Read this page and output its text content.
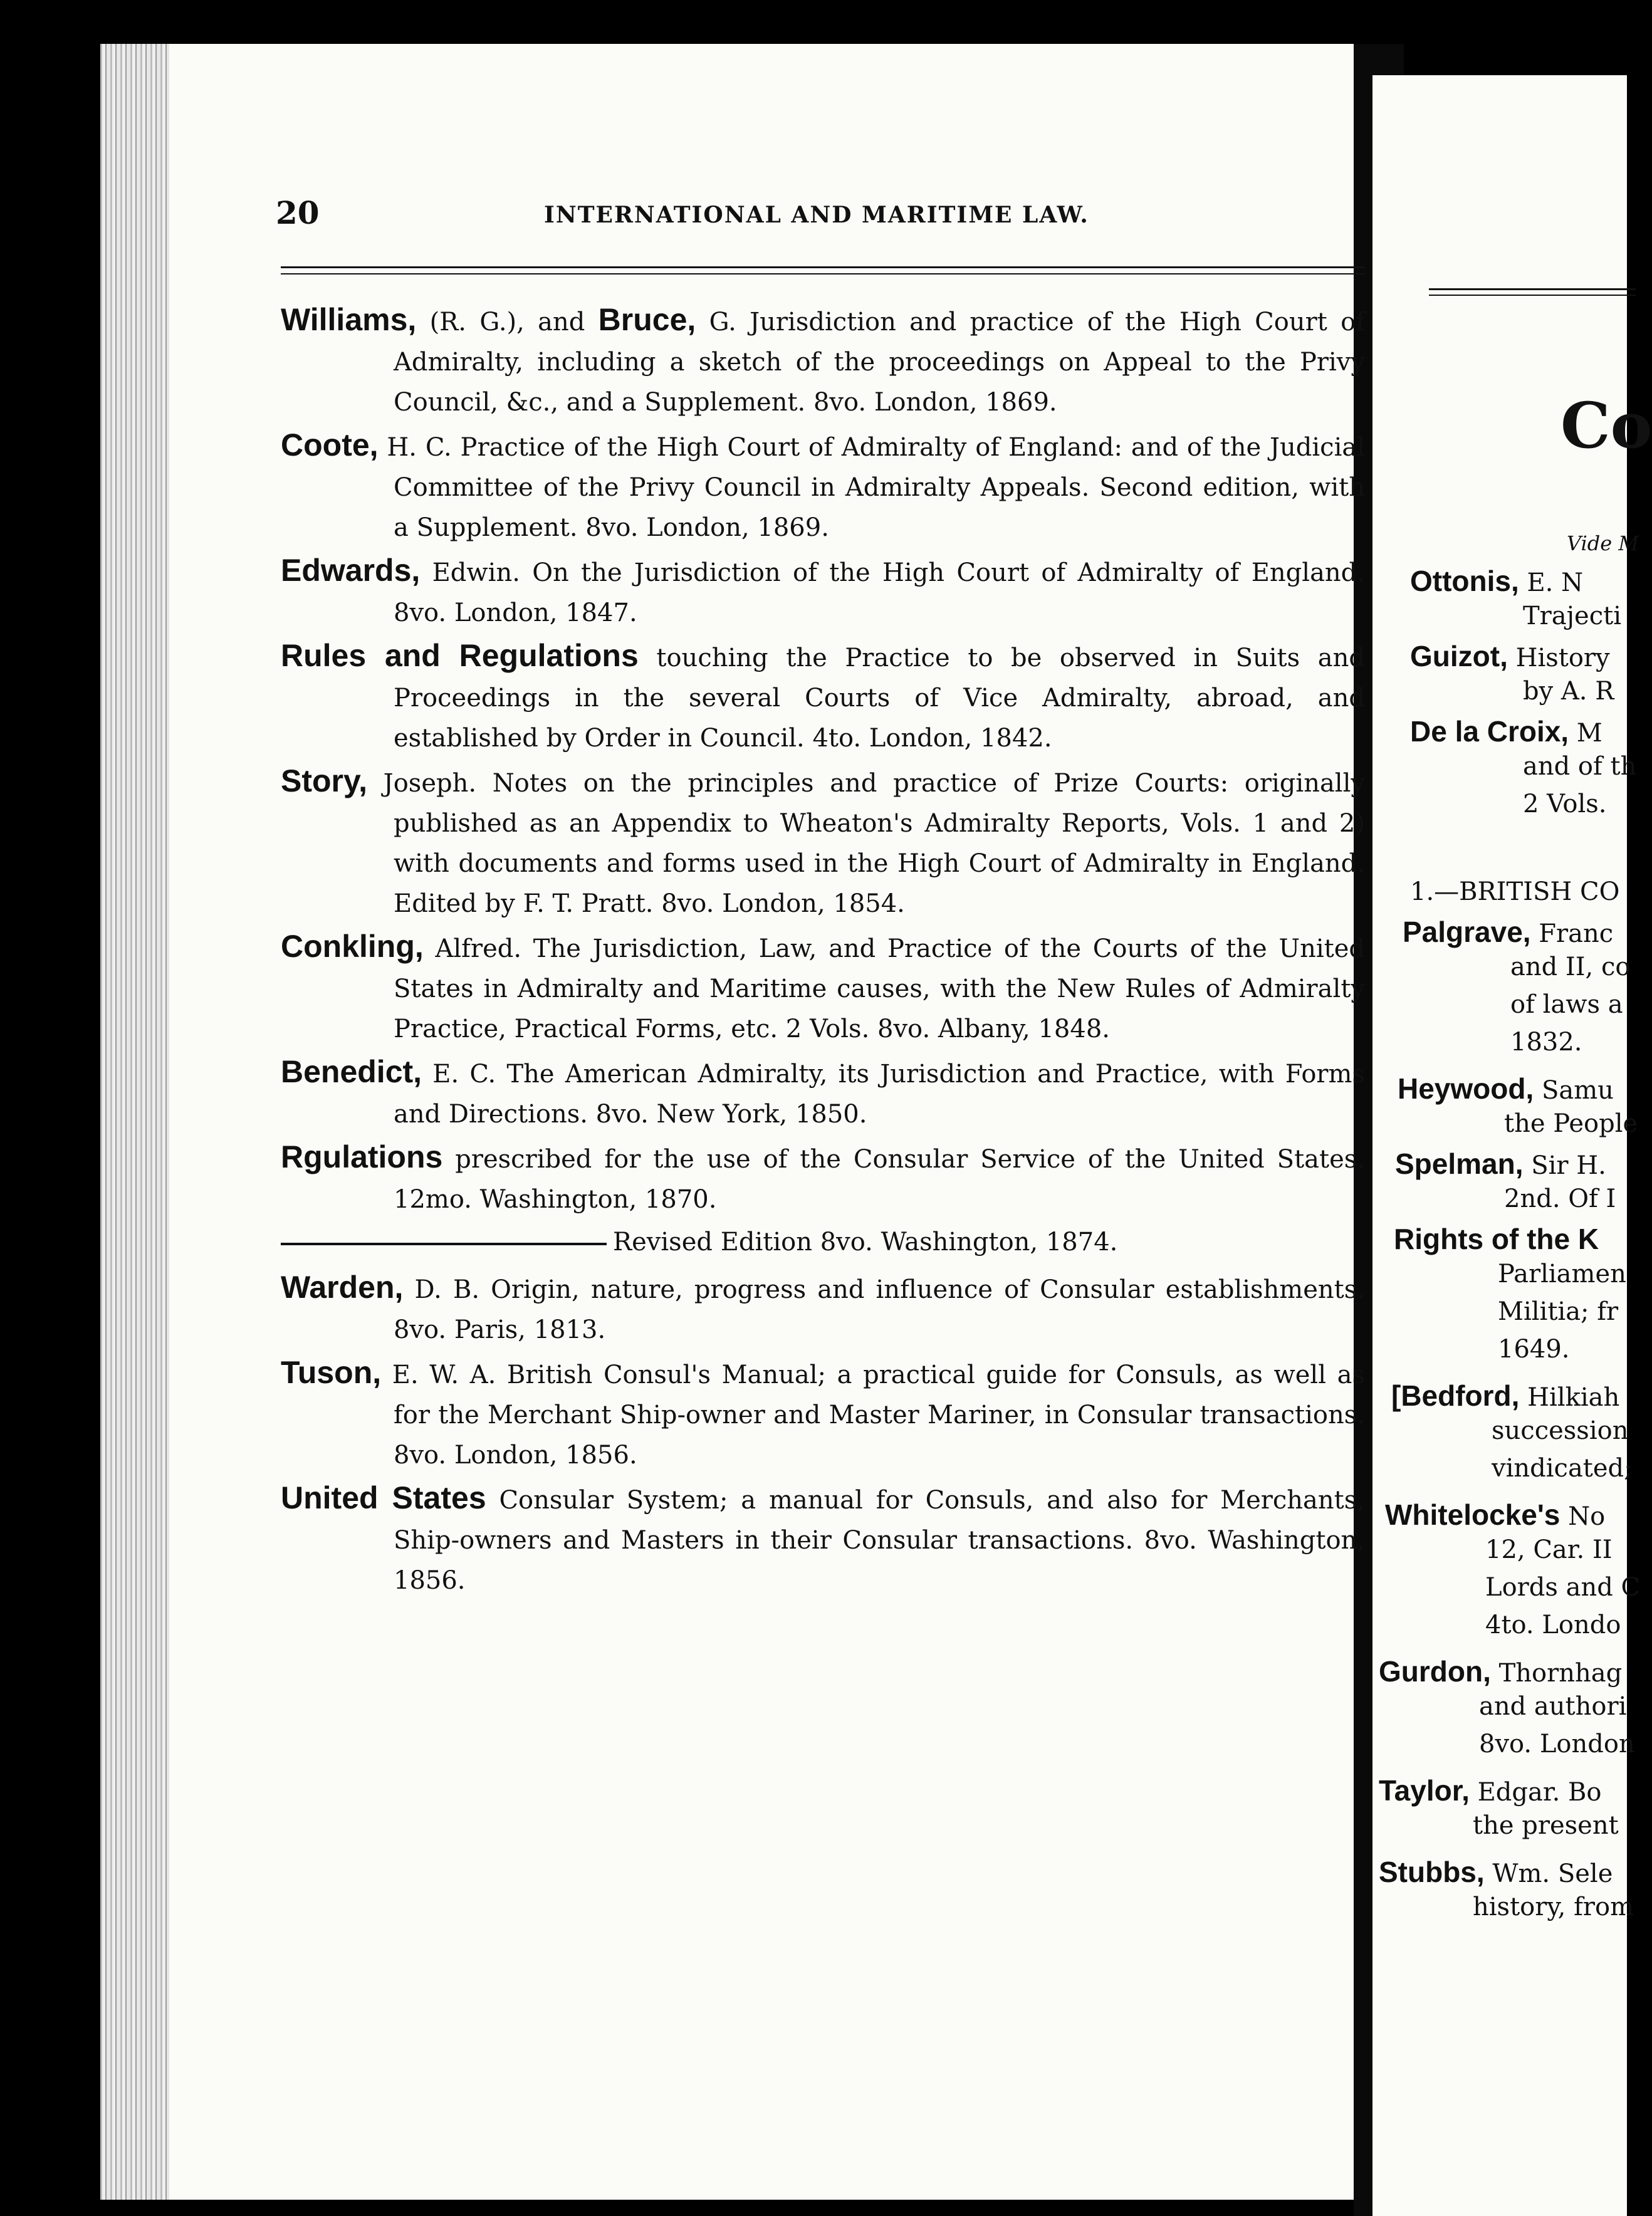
20	INTERNATIONAL AND MARITIME LAW.

Williams, (R. G.), and Bruce, G. Jurisdiction and practice of the High Court of Admiralty, including a sketch of the proceedings on Appeal to the Privy Council, &c., and a Supplement. 8vo. London, 1869.

Coote, H. C. Practice of the High Court of Admiralty of England: and of the Judicial Committee of the Privy Council in Admiralty Appeals. Second edition, with a Supplement. 8vo. London, 1869.

Edwards, Edwin. On the Jurisdiction of the High Court of Admiralty of England. 8vo. London, 1847.

Rules and Regulations touching the Practice to be observed in Suits and Proceedings in the several Courts of Vice Admiralty, abroad, and established by Order in Council. 4to. London, 1842.

Story, Joseph. Notes on the principles and practice of Prize Courts: originally published as an Appendix to Wheaton's Admiralty Reports, Vols. 1 and 2) with documents and forms used in the High Court of Admiralty in England. Edited by F. T. Pratt. 8vo. London, 1854.

Conkling, Alfred. The Jurisdiction, Law, and Practice of the Courts of the United States in Admiralty and Maritime causes, with the New Rules of Admiralty Practice, Practical Forms, etc. 2 Vols. 8vo. Albany, 1848.

Benedict, E. C. The American Admiralty, its Jurisdiction and Practice, with Forms and Directions. 8vo. New York, 1850.

Rgulations prescribed for the use of the Consular Service of the United States. 12mo. Washington, 1870.

Revised Edition 8vo. Washington, 1874.

Warden, D. B. Origin, nature, progress and influence of Consular establishments. 8vo. Paris, 1813.

Tuson, E. W. A. British Consul's Manual; a practical guide for Consuls, as well as for the Merchant Ship-owner and Master Mariner, in Consular transactions. 8vo. London, 1856.

United States Consular System; a manual for Consuls, and also for Merchants, Ship-owners and Masters in their Consular transactions. 8vo. Washington, 1856.

Co
Vide M
Ottonis, E. N
Trajecti
Guizot, History
by A. R
De la Croix, M
and of th
2 Vols.
1.—BRITISH CO
Palgrave, Franc
and II, co
of laws a
1832.
Heywood, Samu
the People
Spelman, Sir H.
2nd. Of I
Rights of the K
Parliamen
Militia; fr
1649.
[Bedford, Hilkiah
succession
vindicated;
Whitelocke's No
12, Car. II
Lords and C
4to. Londo
Gurdon, Thornhag
and authori
8vo. London
Taylor, Edgar. Bo
the present
Stubbs, Wm. Sele
history, from
